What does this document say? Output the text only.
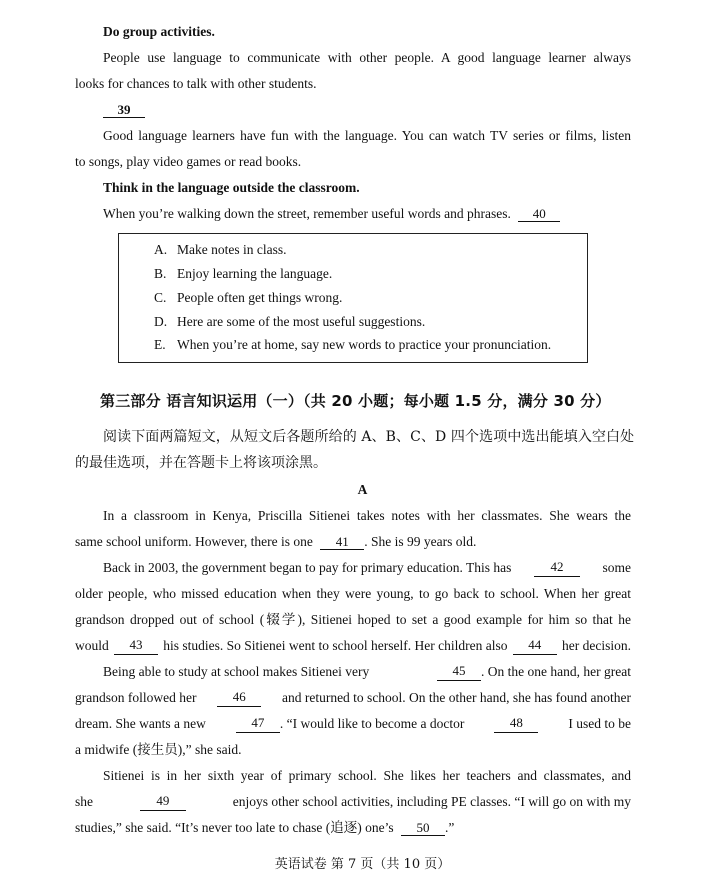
Do group activities.
People use language to communicate with other people. A good language learner always
looks for chances to talk with other students.
39
Good language learners have fun with the language. You can watch TV series or films, listen
to songs, play video games or read books.
Think in the language outside the classroom.
When you’re walking down the street, remember useful words and phrases. 40
A. Make notes in class.
B. Enjoy learning the language.
C. People often get things wrong.
D. Here are some of the most useful suggestions.
E. When you’re at home, say new words to practice your pronunciation.
第三部分 语言知识运用（一）（共 20 小题；每小题 1.5 分，满分 30 分）
阅读下面两篇短文，从短文后各题所给的 A、B、C、D 四个选项中选出能填入空白处
的最佳选项，并在答题卡上将该项涂黑。
A
In a classroom in Kenya, Priscilla Sitienei takes notes with her classmates. She wears the
same school uniform. However, there is one 41 . She is 99 years old.
Back in 2003, the government began to pay for primary education. This has	42	some
older people, who missed education when they were young, to go back to school. When her great
grandson dropped out of school (辍学), Sitienei hoped to set a good example for him so that he
would	43	his studies. So Sitienei went to school herself. Her children also	44	her decision.
Being able to study at school makes Sitienei very	45	. On the one hand, her great
grandson followed her	46	and returned to school. On the other hand, she has found another
dream. She wants a new	47	. “I would like to become a doctor	48	I used to be
a midwife (接生员),” she said.
Sitienei is in her sixth year of primary school. She likes her teachers and classmates, and
she	49	enjoys other school activities, including PE classes. “I will go on with my
studies,” she said. “It’s never too late to chase (追逐) one’s 50 .”
英语试卷 第 7 页（共 10 页）
